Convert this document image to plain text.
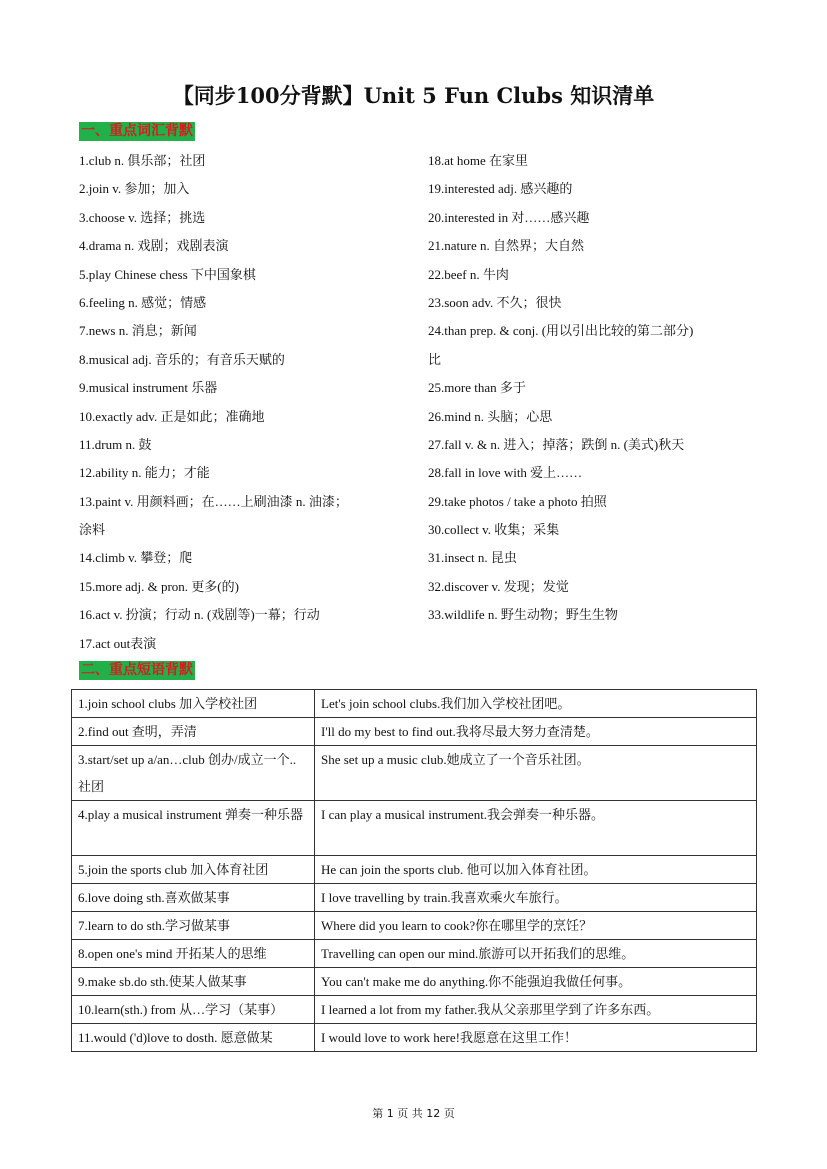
【同步100分背默】Unit 5 Fun Clubs 知识清单
一、重点词汇背默
1.club n. 俱乐部；社团
2.join v. 参加；加入
3.choose v. 选择；挑选
4.drama n. 戏剧；戏剧表演
5.play Chinese chess 下中国象棋
6.feeling n. 感觉；情感
7.news n. 消息；新闻
8.musical adj. 音乐的；有音乐天赋的
9.musical instrument 乐器
10.exactly adv. 正是如此；准确地
11.drum n. 鼓
12.ability n. 能力；才能
13.paint v. 用颜料画；在……上刷油漆 n. 油漆；
涂料
14.climb v. 攀登；爬
15.more adj. & pron. 更多(的)
16.act v. 扮演；行动 n. (戏剧等)一幕；行动
17.act out表演
18.at home 在家里
19.interested adj. 感兴趣的
20.interested in 对……感兴趣
21.nature n. 自然界；大自然
22.beef n. 牛肉
23.soon adv. 不久；很快
24.than prep. & conj. (用以引出比较的第二部分)
比
25.more than 多于
26.mind n. 头脑；心思
27.fall v. & n. 进入；掉落；跌倒 n. (美式)秋天
28.fall in love with 爱上……
29.take photos / take a photo 拍照
30.collect v. 收集；采集
31.insect n. 昆虫
32.discover v. 发现；发觉
33.wildlife n. 野生动物；野生生物
二、重点短语背默
1.join school clubs 加入学校社团	Let's join school clubs.我们加入学校社团吧。
2.find out 查明，弄清	I'll do my best to find out.我将尽最大努力查清楚。
3.start/set up a/an…club 创办/成立一个..社团	She set up a music club.她成立了一个音乐社团。
4.play a musical instrument 弹奏一种乐器	I can play a musical instrument.我会弹奏一种乐器。
5.join the sports club 加入体育社团	He can join the sports club. 他可以加入体育社团。
6.love doing sth.喜欢做某事	I love travelling by train.我喜欢乘火车旅行。
7.learn to do sth.学习做某事	Where did you learn to cook?你在哪里学的烹饪？
8.open one's mind 开拓某人的思维	Travelling can open our mind.旅游可以开拓我们的思维。
9.make sb.do sth.使某人做某事	You can't make me do anything.你不能强迫我做任何事。
10.learn(sth.) from 从…学习（某事）	I learned a lot from my father.我从父亲那里学到了许多东西。
11.would ('d)love to dosth. 愿意做某	I would love to work here!我愿意在这里工作！
第 1 页 共 12 页
